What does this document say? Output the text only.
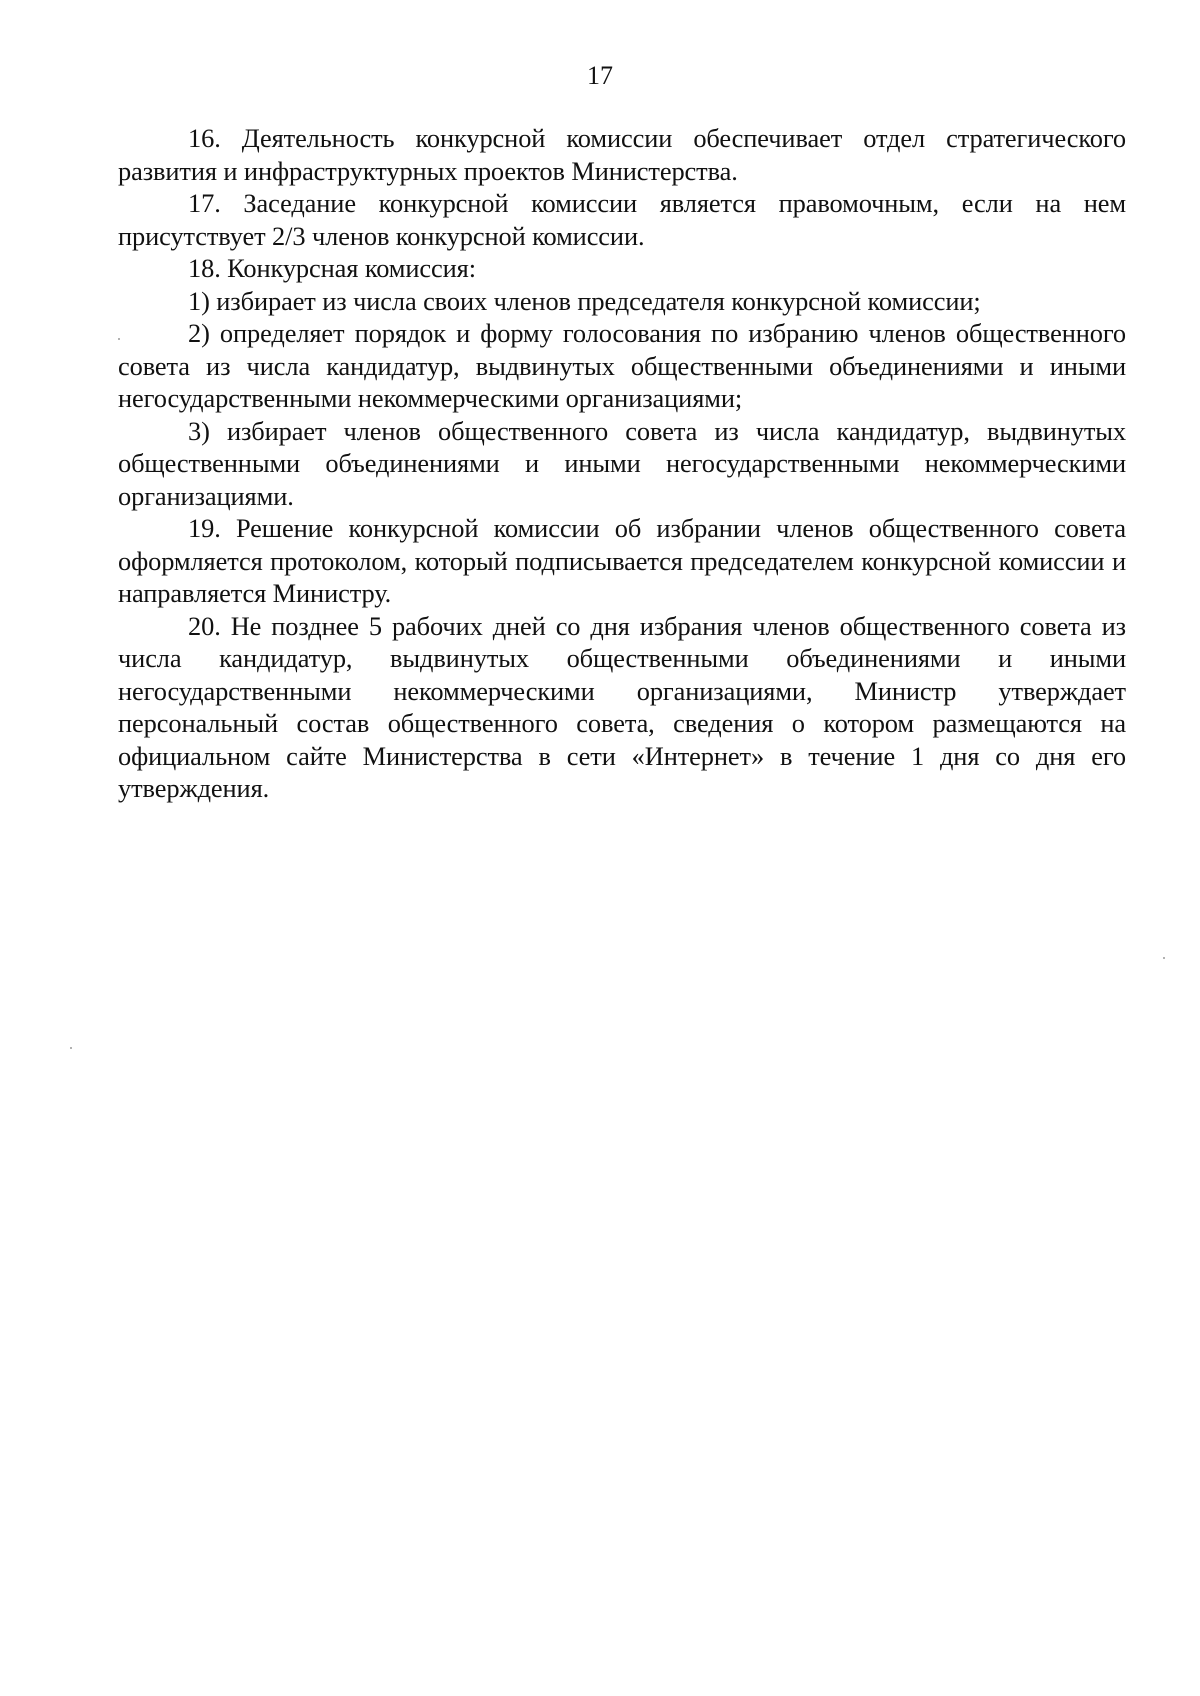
17

16. Деятельность конкурсной комиссии обеспечивает отдел стратегического развития и инфраструктурных проектов Министерства.

17. Заседание конкурсной комиссии является правомочным, если на нем присутствует 2/3 членов конкурсной комиссии.

18. Конкурсная комиссия:

1) избирает из числа своих членов председателя конкурсной комиссии;

2) определяет порядок и форму голосования по избранию членов общественного совета из числа кандидатур, выдвинутых общественными объединениями и иными негосударственными некоммерческими организациями;

3) избирает членов общественного совета из числа кандидатур, выдвинутых общественными объединениями и иными негосударственными некоммерческими организациями.

19. Решение конкурсной комиссии об избрании членов общественного совета оформляется протоколом, который подписывается председателем конкурсной комиссии и направляется Министру.

20. Не позднее 5 рабочих дней со дня избрания членов общественного совета из числа кандидатур, выдвинутых общественными объединениями и иными негосударственными некоммерческими организациями, Министр утверждает персональный состав общественного совета, сведения о котором размещаются на официальном сайте Министерства в сети «Интернет» в течение 1 дня со дня его утверждения.
